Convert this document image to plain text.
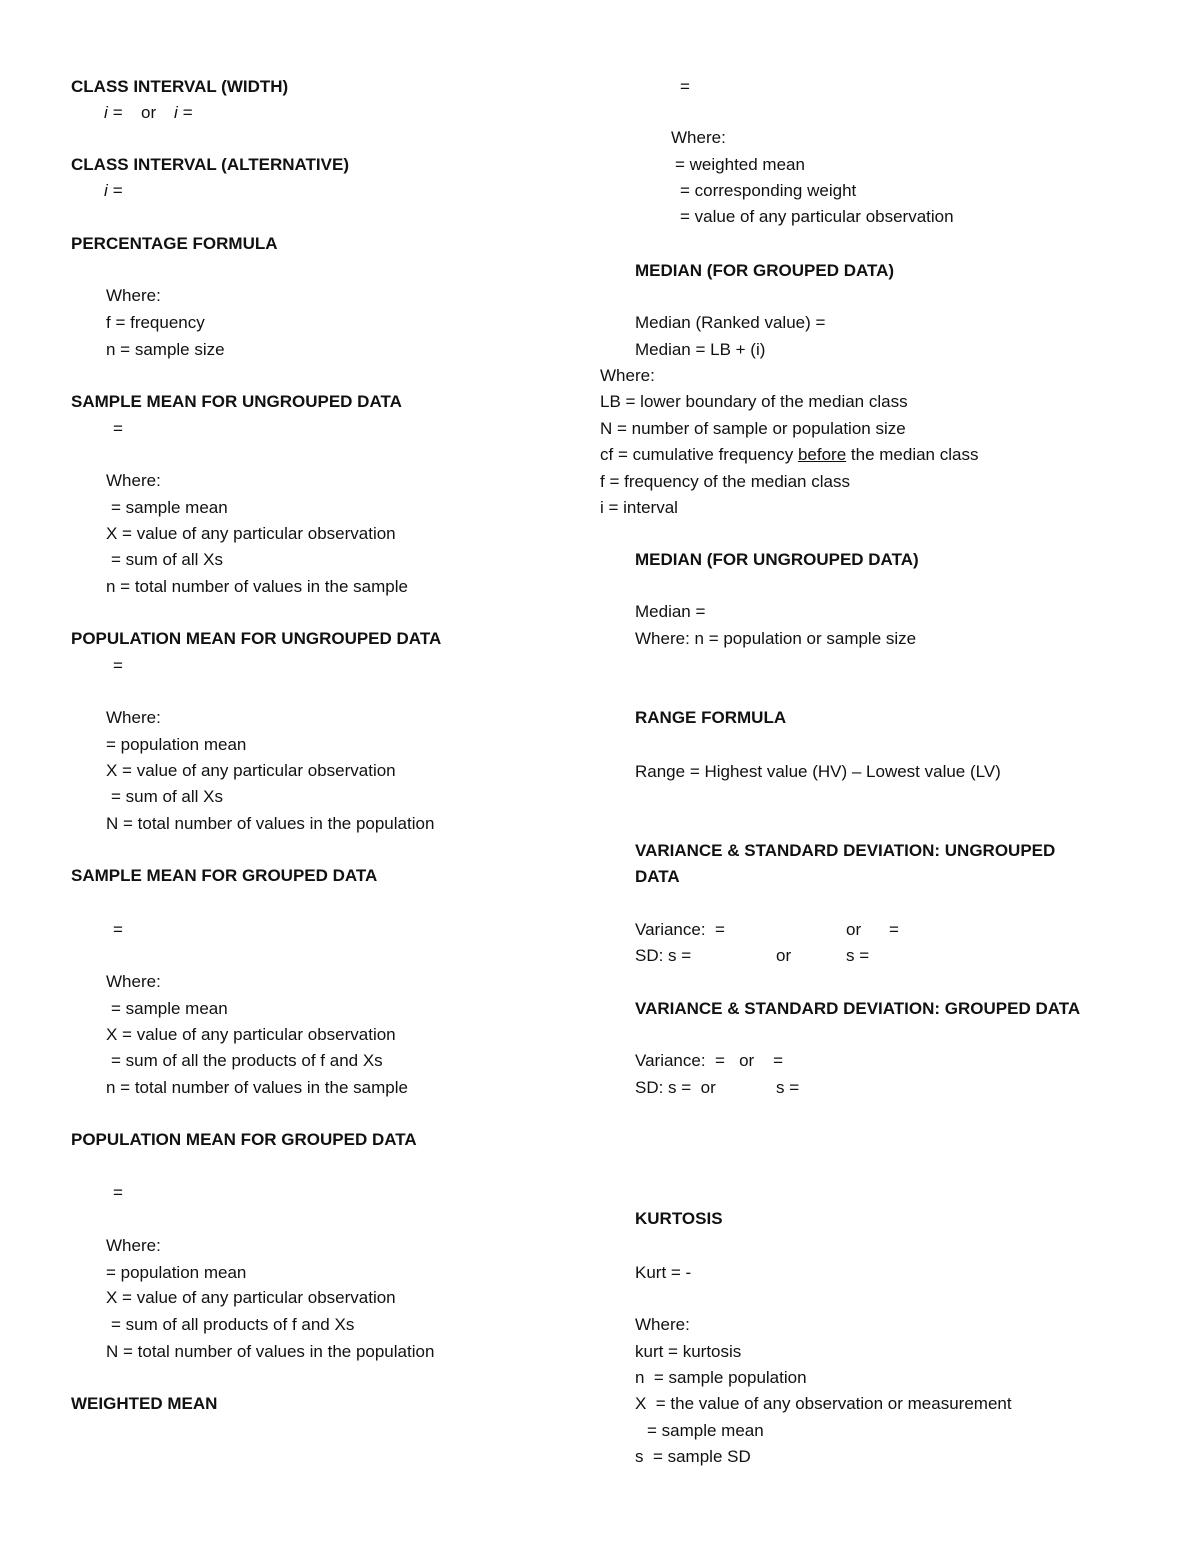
CLASS INTERVAL (WIDTH)
i = or i =
CLASS INTERVAL (ALTERNATIVE)
i =
PERCENTAGE FORMULA
Where:
f = frequency
n = sample size
SAMPLE MEAN FOR UNGROUPED DATA
=
Where:
= sample mean
X = value of any particular observation
= sum of all Xs
n = total number of values in the sample
POPULATION MEAN FOR UNGROUPED DATA
=
Where:
= population mean
X = value of any particular observation
= sum of all Xs
N = total number of values in the population
SAMPLE MEAN FOR GROUPED DATA
=
Where:
= sample mean
X = value of any particular observation
= sum of all the products of f and Xs
n = total number of values in the sample
POPULATION MEAN FOR GROUPED DATA
=
Where:
= population mean
X = value of any particular observation
= sum of all products of f and Xs
N = total number of values in the population
WEIGHTED MEAN
=
Where:
= weighted mean
= corresponding weight
= value of any particular observation
MEDIAN (FOR GROUPED DATA)
Median (Ranked value) =
Median = LB + (i)
Where:
LB = lower boundary of the median class
N = number of sample or population size
cf = cumulative frequency before the median class
f = frequency of the median class
i = interval
MEDIAN (FOR UNGROUPED DATA)
Median =
Where: n = population or sample size
RANGE FORMULA
Range = Highest value (HV) – Lowest value (LV)
VARIANCE & STANDARD DEVIATION: UNGROUPED
DATA
Variance:  =	or =
SD: s =	or	s =
VARIANCE & STANDARD DEVIATION: GROUPED DATA
Variance:  =   or    =
SD: s =  or	s =
KURTOSIS
Kurt = -
Where:
kurt = kurtosis
n  = sample population
X  = the value of any observation or measurement
= sample mean
s  = sample SD
